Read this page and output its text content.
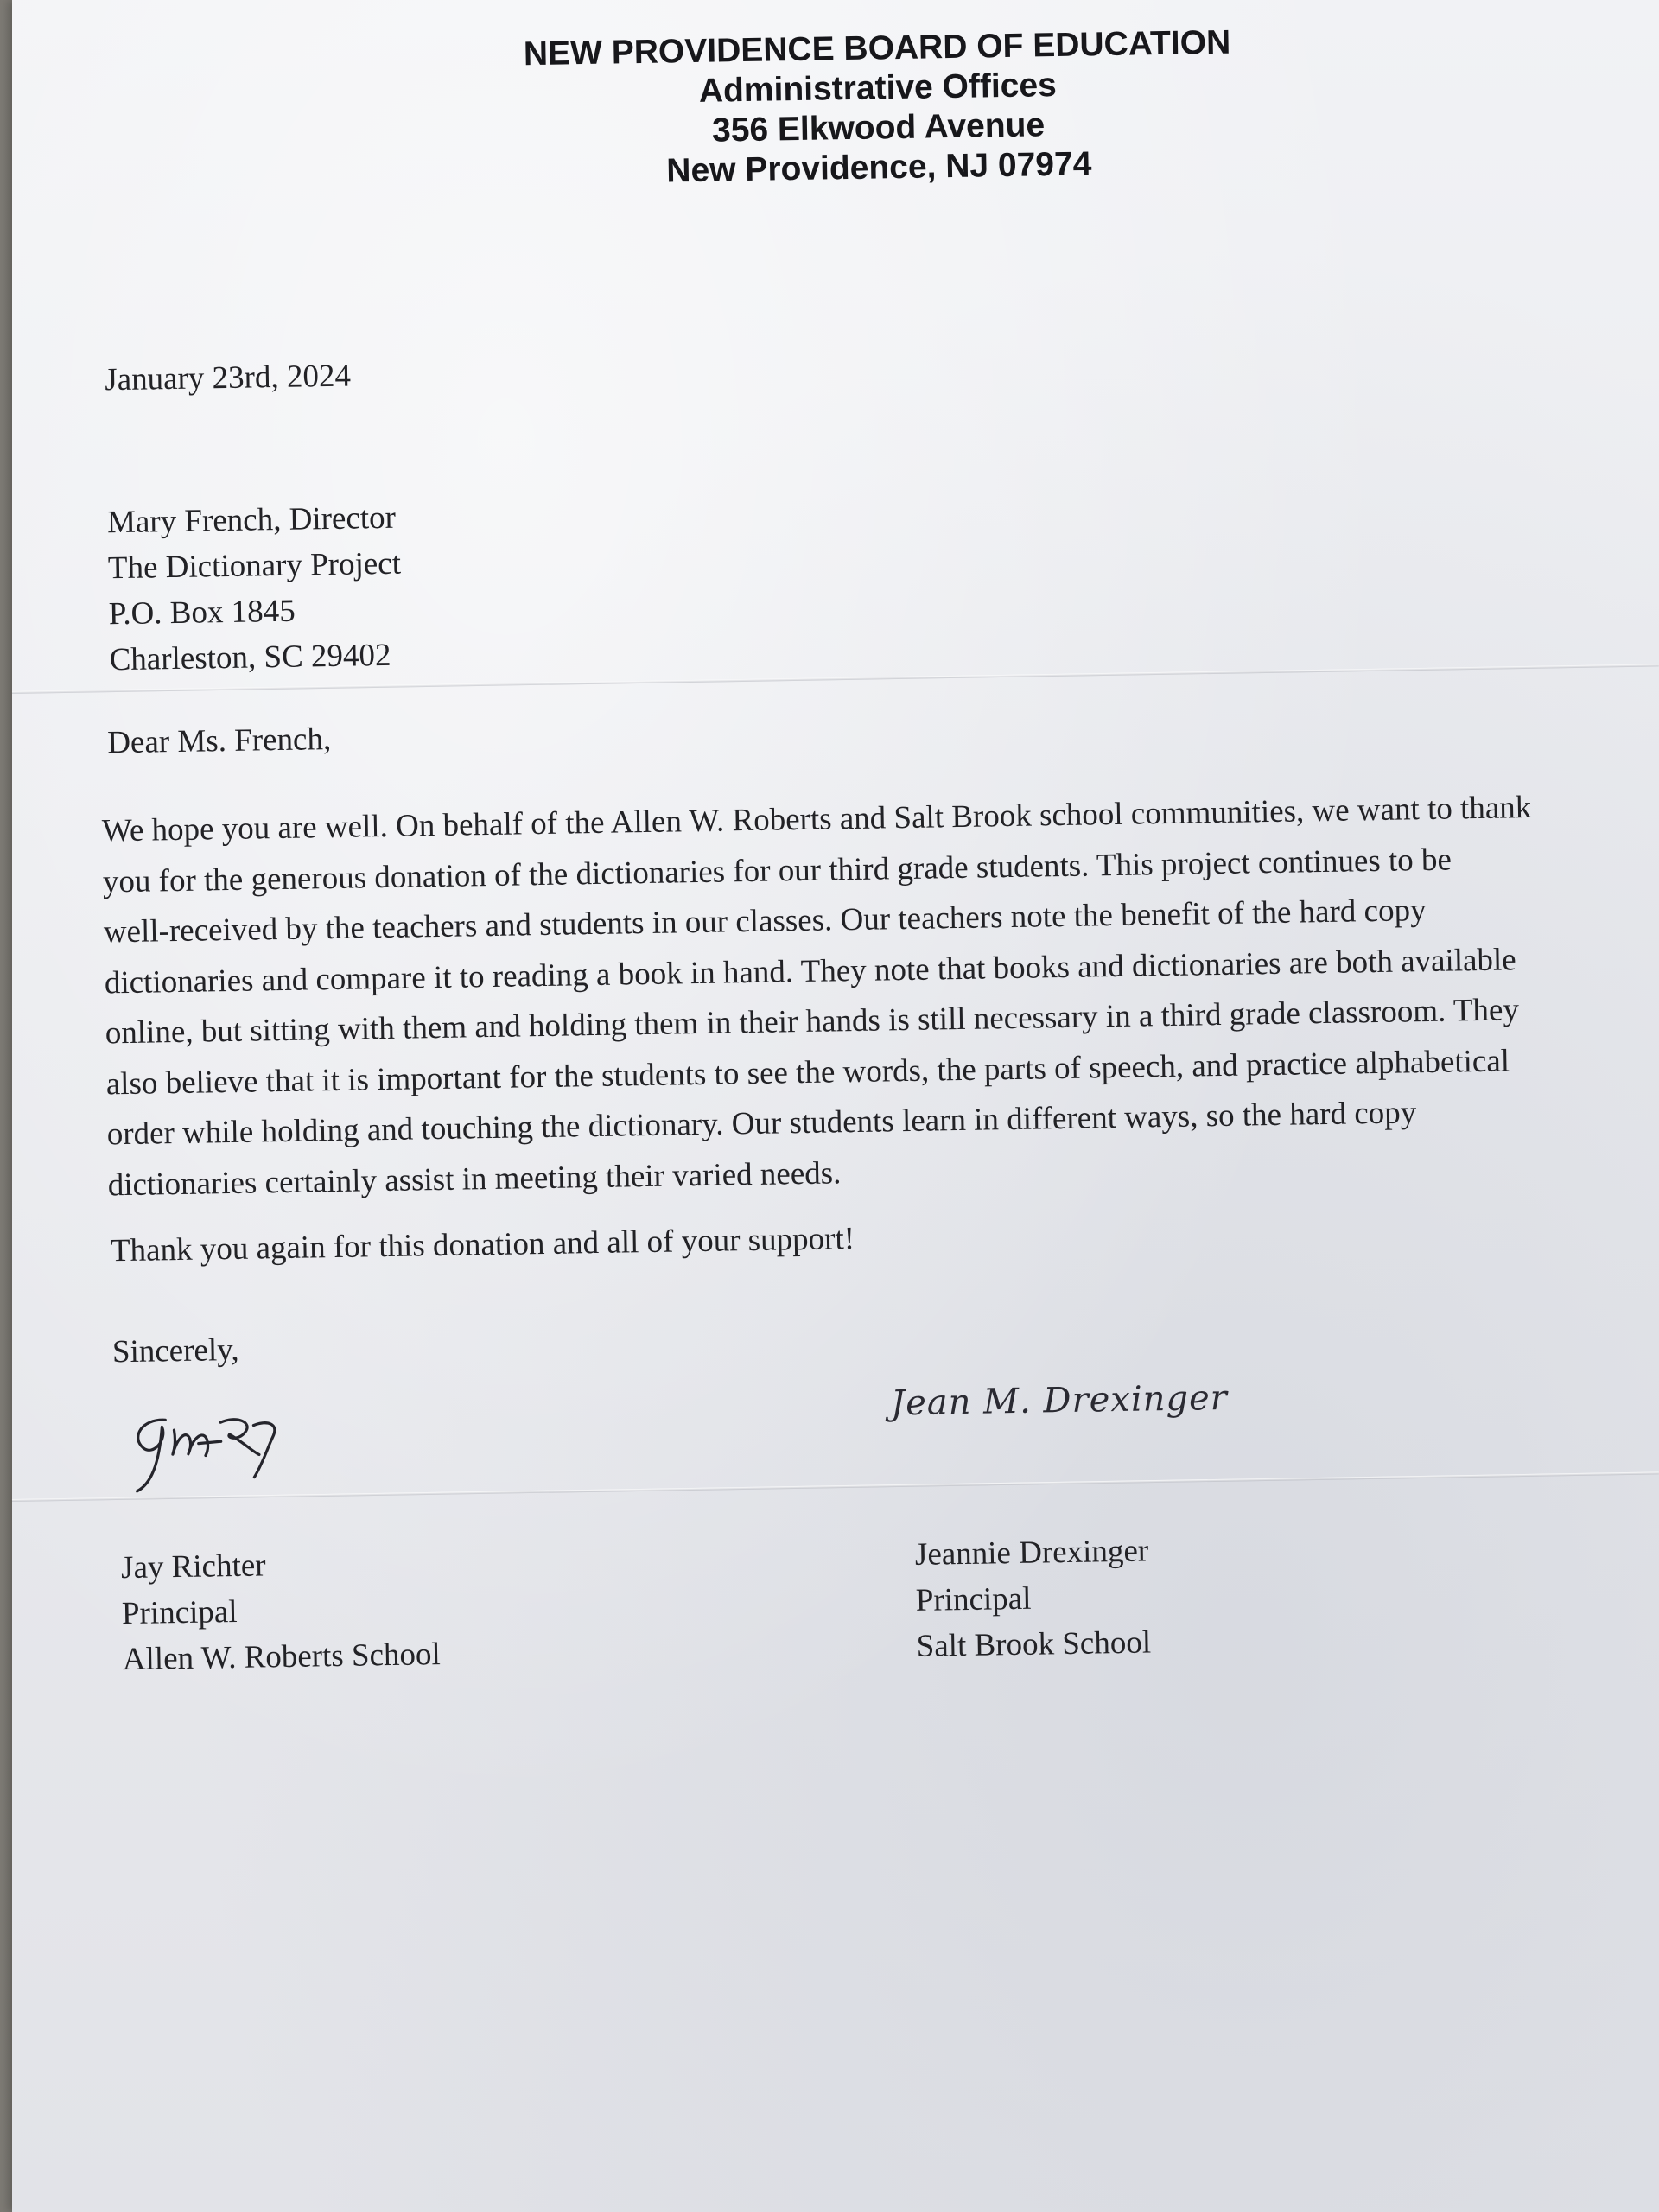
NEW PROVIDENCE BOARD OF EDUCATION
Administrative Offices
356 Elkwood Avenue
New Providence, NJ 07974
January 23rd, 2024
Mary French, Director
The Dictionary Project
P.O. Box 1845
Charleston, SC 29402
Dear Ms. French,
We hope you are well. On behalf of the Allen W. Roberts and Salt Brook school communities, we want to thank
you for the generous donation of the dictionaries for our third grade students. This project continues to be
well-received by the teachers and students in our classes. Our teachers note the benefit of the hard copy
dictionaries and compare it to reading a book in hand. They note that books and dictionaries are both available
online, but sitting with them and holding them in their hands is still necessary in a third grade classroom. They
also believe that it is important for the students to see the words, the parts of speech, and practice alphabetical
order while holding and touching the dictionary. Our students learn in different ways, so the hard copy
dictionaries certainly assist in meeting their varied needs.
Thank you again for this donation and all of your support!
Sincerely,
Jean M. Drexinger
Jay Richter
Principal
Allen W. Roberts School
Jeannie Drexinger
Principal
Salt Brook School
